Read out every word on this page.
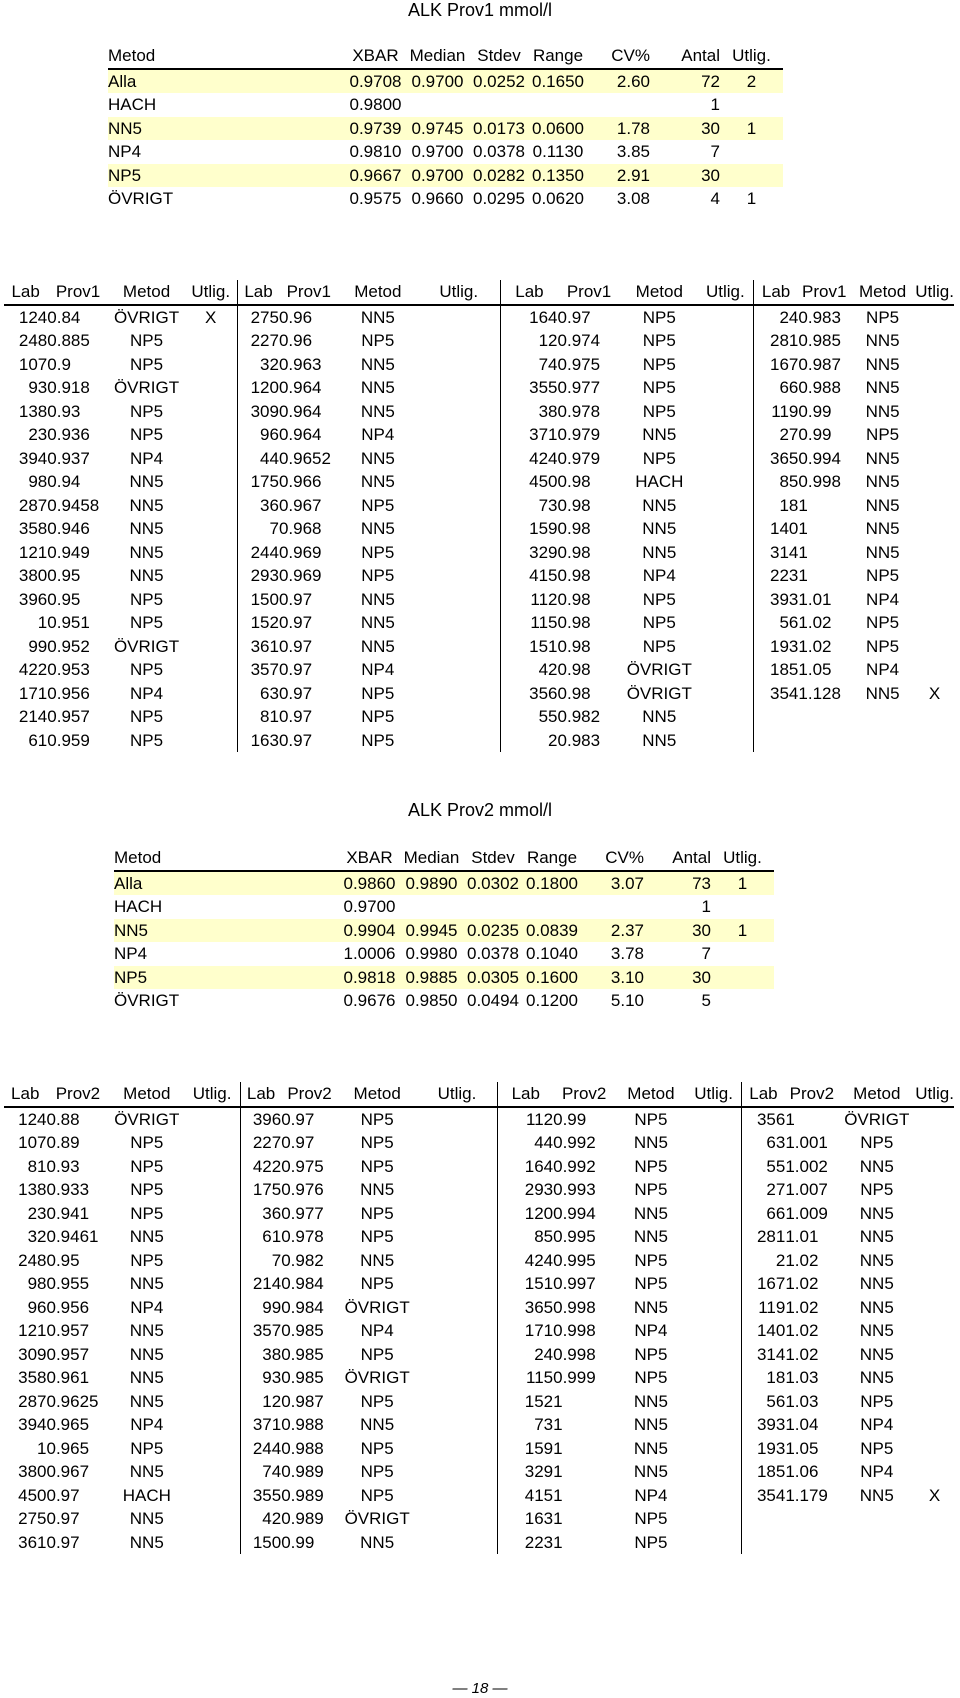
ALK Prov1 mmol/l
Metod	XBAR	Median	Stdev	Range	CV%	Antal	Utlig.
Alla	0.9708	0.9700	0.0252	0.1650	2.60	72	2
HACH	0.9800					1	
NN5	0.9739	0.9745	0.0173	0.0600	1.78	30	1
NP4	0.9810	0.9700	0.0378	0.1130	3.85	7	
NP5	0.9667	0.9700	0.0282	0.1350	2.91	30	
ÖVRIGT	0.9575	0.9660	0.0295	0.0620	3.08	4	1
Lab	Prov1	Metod	Utlig.	Lab	Prov1	Metod	Utlig.	Lab	Prov1	Metod	Utlig.	Lab	Prov1	Metod	Utlig.
124	0.84	ÖVRIGT	X	275	0.96	NN5		164	0.97	NP5		24	0.983	NP5	
248	0.885	NP5		227	0.96	NP5		12	0.974	NP5		281	0.985	NN5	
107	0.9	NP5		32	0.963	NN5		74	0.975	NP5		167	0.987	NN5	
93	0.918	ÖVRIGT		120	0.964	NN5		355	0.977	NP5		66	0.988	NN5	
138	0.93	NP5		309	0.964	NN5		38	0.978	NP5		119	0.99	NN5	
23	0.936	NP5		96	0.964	NP4		371	0.979	NN5		27	0.99	NP5	
394	0.937	NP4		44	0.9652	NN5		424	0.979	NP5		365	0.994	NN5	
98	0.94	NN5		175	0.966	NN5		450	0.98	HACH		85	0.998	NN5	
287	0.9458	NN5		36	0.967	NP5		73	0.98	NN5		18	1	NN5	
358	0.946	NN5		7	0.968	NN5		159	0.98	NN5		140	1	NN5	
121	0.949	NN5		244	0.969	NP5		329	0.98	NN5		314	1	NN5	
380	0.95	NN5		293	0.969	NP5		415	0.98	NP4		223	1	NP5	
396	0.95	NP5		150	0.97	NN5		112	0.98	NP5		393	1.01	NP4	
1	0.951	NP5		152	0.97	NN5		115	0.98	NP5		56	1.02	NP5	
99	0.952	ÖVRIGT		361	0.97	NN5		151	0.98	NP5		193	1.02	NP5	
422	0.953	NP5		357	0.97	NP4		42	0.98	ÖVRIGT		185	1.05	NP4	
171	0.956	NP4		63	0.97	NP5		356	0.98	ÖVRIGT		354	1.128	NN5	X
214	0.957	NP5		81	0.97	NP5		55	0.982	NN5					
61	0.959	NP5		163	0.97	NP5		2	0.983	NN5					
ALK Prov2 mmol/l
Metod	XBAR	Median	Stdev	Range	CV%	Antal	Utlig.
Alla	0.9860	0.9890	0.0302	0.1800	3.07	73	1
HACH	0.9700					1	
NN5	0.9904	0.9945	0.0235	0.0839	2.37	30	1
NP4	1.0006	0.9980	0.0378	0.1040	3.78	7	
NP5	0.9818	0.9885	0.0305	0.1600	3.10	30	
ÖVRIGT	0.9676	0.9850	0.0494	0.1200	5.10	5	
Lab	Prov2	Metod	Utlig.	Lab	Prov2	Metod	Utlig.	Lab	Prov2	Metod	Utlig.	Lab	Prov2	Metod	Utlig.
124	0.88	ÖVRIGT		396	0.97	NP5		112	0.99	NP5		356	1	ÖVRIGT	
107	0.89	NP5		227	0.97	NP5		44	0.992	NN5		63	1.001	NP5	
81	0.93	NP5		422	0.975	NP5		164	0.992	NP5		55	1.002	NN5	
138	0.933	NP5		175	0.976	NN5		293	0.993	NP5		27	1.007	NP5	
23	0.941	NP5		36	0.977	NP5		120	0.994	NN5		66	1.009	NN5	
32	0.9461	NN5		61	0.978	NP5		85	0.995	NN5		281	1.01	NN5	
248	0.95	NP5		7	0.982	NN5		424	0.995	NP5		2	1.02	NN5	
98	0.955	NN5		214	0.984	NP5		151	0.997	NP5		167	1.02	NN5	
96	0.956	NP4		99	0.984	ÖVRIGT		365	0.998	NN5		119	1.02	NN5	
121	0.957	NN5		357	0.985	NP4		171	0.998	NP4		140	1.02	NN5	
309	0.957	NN5		38	0.985	NP5		24	0.998	NP5		314	1.02	NN5	
358	0.961	NN5		93	0.985	ÖVRIGT		115	0.999	NP5		18	1.03	NN5	
287	0.9625	NN5		12	0.987	NP5		152	1	NN5		56	1.03	NP5	
394	0.965	NP4		371	0.988	NN5		73	1	NN5		393	1.04	NP4	
1	0.965	NP5		244	0.988	NP5		159	1	NN5		193	1.05	NP5	
380	0.967	NN5		74	0.989	NP5		329	1	NN5		185	1.06	NP4	
450	0.97	HACH		355	0.989	NP5		415	1	NP4		354	1.179	NN5	X
275	0.97	NN5		42	0.989	ÖVRIGT		163	1	NP5					
361	0.97	NN5		150	0.99	NN5		223	1	NP5					
— 18 —
